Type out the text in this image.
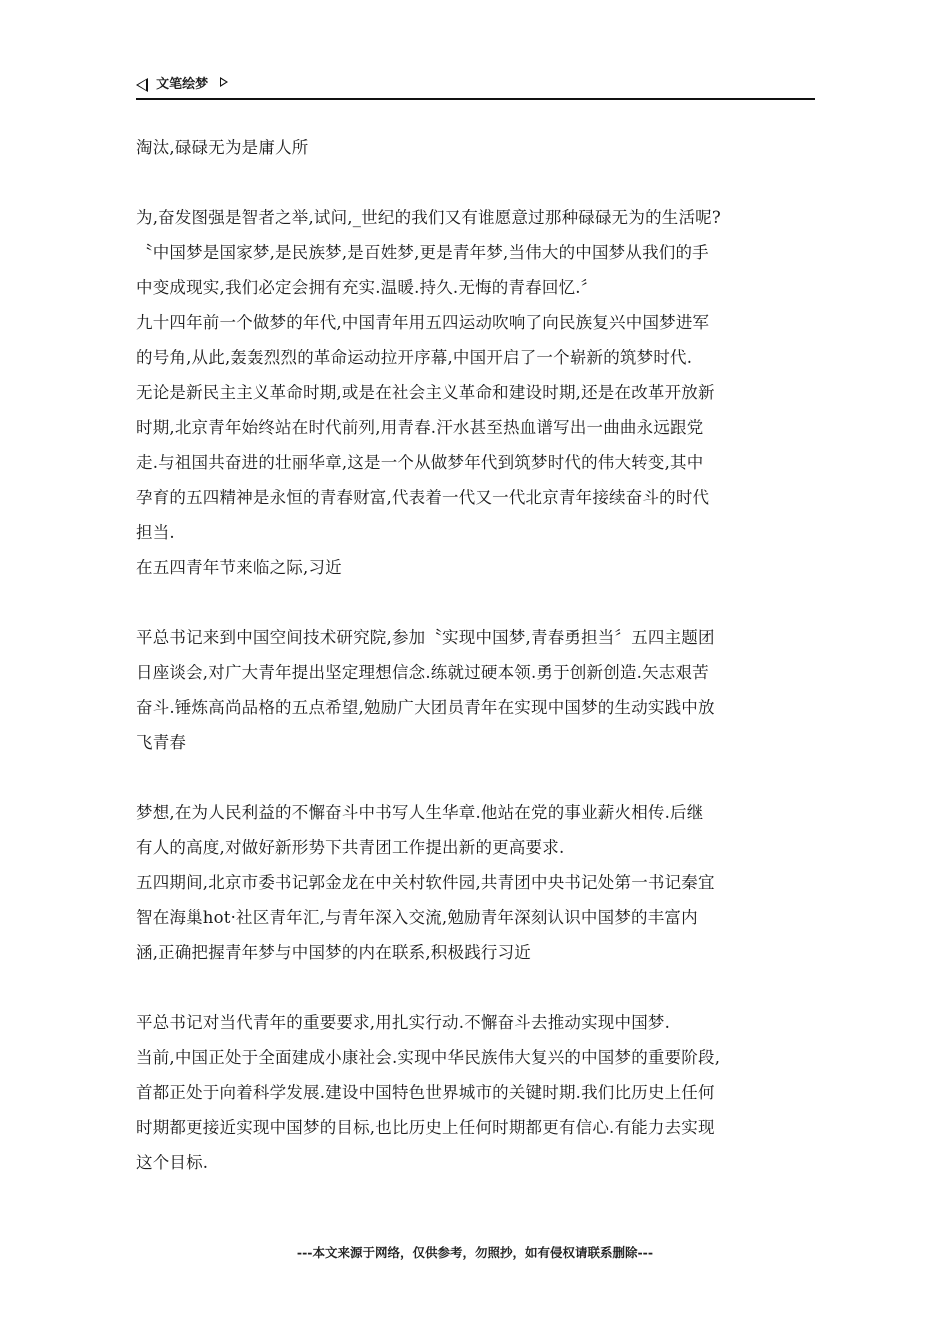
文笔绘梦

淘汰,碌碌无为是庸人所

为,奋发图强是智者之举,试问,_世纪的我们又有谁愿意过那种碌碌无为的生活呢?
〝中国梦是国家梦,是民族梦,是百姓梦,更是青年梦,当伟大的中国梦从我们的手
中变成现实,我们必定会拥有充实.温暖.持久.无悔的青春回忆.〞
九十四年前一个做梦的年代,中国青年用五四运动吹响了向民族复兴中国梦进军
的号角,从此,轰轰烈烈的革命运动拉开序幕,中国开启了一个崭新的筑梦时代.
无论是新民主主义革命时期,或是在社会主义革命和建设时期,还是在改革开放新
时期,北京青年始终站在时代前列,用青春.汗水甚至热血谱写出一曲曲永远跟党
走.与祖国共奋进的壮丽华章,这是一个从做梦年代到筑梦时代的伟大转变,其中
孕育的五四精神是永恒的青春财富,代表着一代又一代北京青年接续奋斗的时代
担当.
在五四青年节来临之际,习近

平总书记来到中国空间技术研究院,参加〝实现中国梦,青春勇担当〞五四主题团
日座谈会,对广大青年提出坚定理想信念.练就过硬本领.勇于创新创造.矢志艰苦
奋斗.锤炼高尚品格的五点希望,勉励广大团员青年在实现中国梦的生动实践中放
飞青春

梦想,在为人民利益的不懈奋斗中书写人生华章.他站在党的事业薪火相传.后继
有人的高度,对做好新形势下共青团工作提出新的更高要求.
五四期间,北京市委书记郭金龙在中关村软件园,共青团中央书记处第一书记秦宜
智在海巢hot·社区青年汇,与青年深入交流,勉励青年深刻认识中国梦的丰富内
涵,正确把握青年梦与中国梦的内在联系,积极践行习近

平总书记对当代青年的重要要求,用扎实行动.不懈奋斗去推动实现中国梦.
当前,中国正处于全面建成小康社会.实现中华民族伟大复兴的中国梦的重要阶段,
首都正处于向着科学发展.建设中国特色世界城市的关键时期.我们比历史上任何
时期都更接近实现中国梦的目标,也比历史上任何时期都更有信心.有能力去实现
这个目标.

---本文来源于网络，仅供参考，勿照抄，如有侵权请联系删除---
